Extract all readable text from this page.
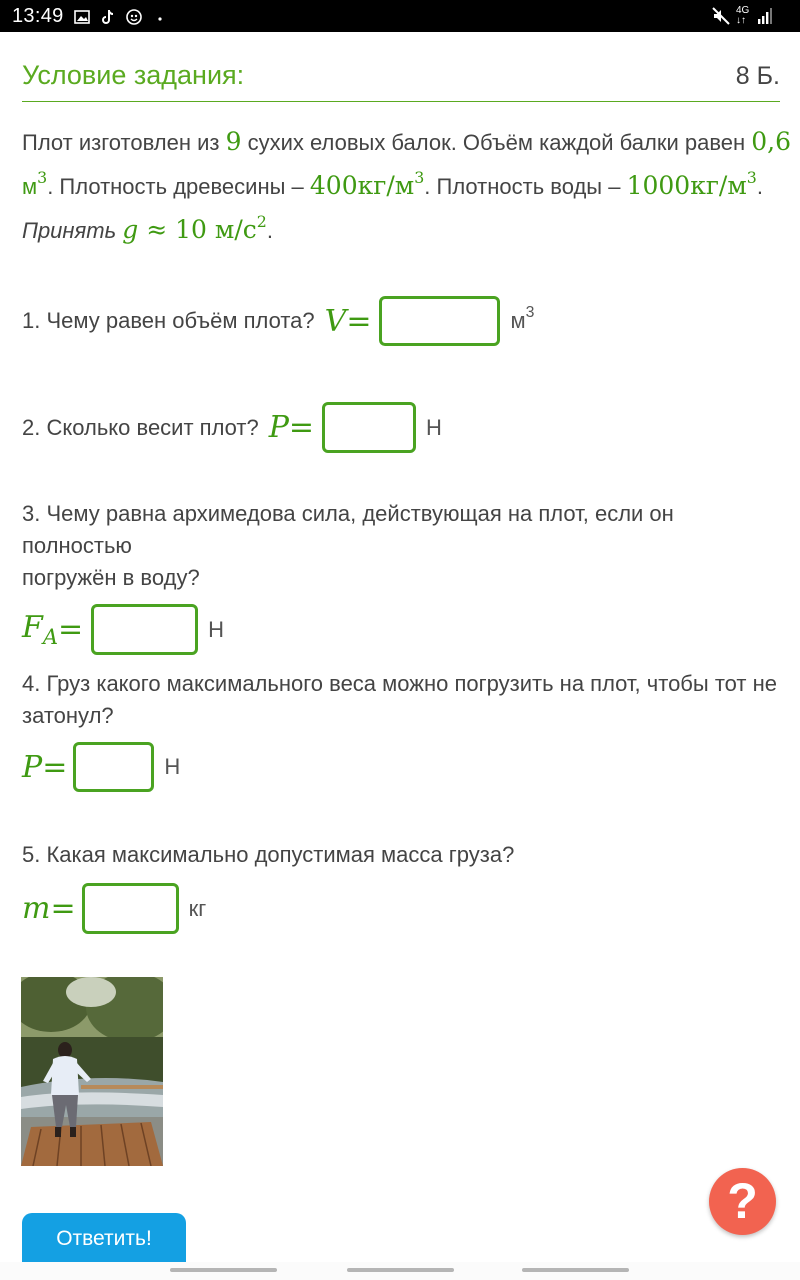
13:49	4G
↓↑
Условие задания:	8 Б.
Плот изготовлен из 9 сухих еловых балок. Объём каждой балки равен 0,6
$м^3$. Плотность древесины – $400кг/м^3$. Плотность воды – $1000кг/м^3$.
Принять g ≈ 10 $м/с^2$.
1. Чему равен объём плота? V =	$м^3$
2. Сколько весит плот? P =	Н
3. Чему равна архимедова сила, действующая на плот, если он полностью
погружён в воду?
$F_A$ =	Н
4. Груз какого максимального веса можно погрузить на плот, чтобы тот не
затонул?
P =	Н
5. Какая максимально допустимая масса груза?
m =	кг
?
Ответить!
